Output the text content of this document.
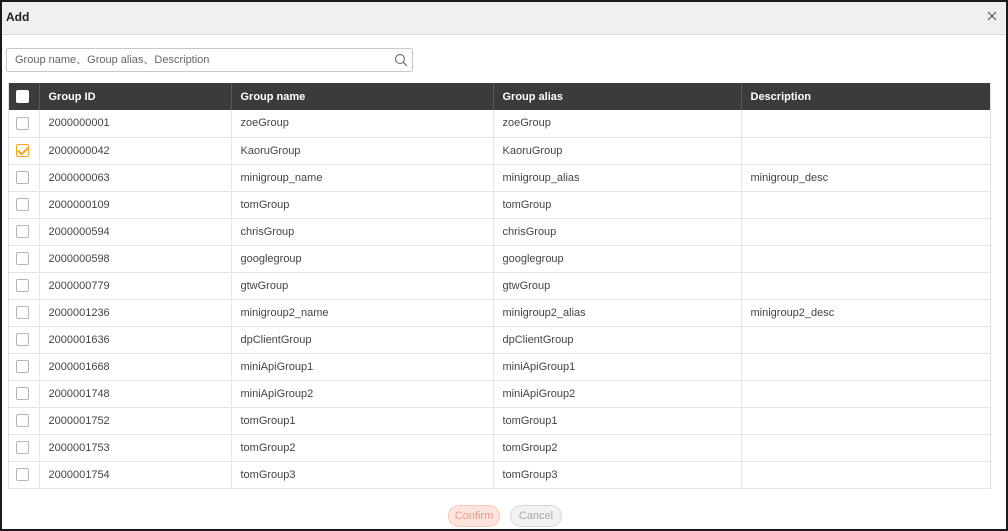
Add
Group name、Group alias、Description
	Group ID	Group name	Group alias	Description
	2000000001	zoeGroup	zoeGroup	
	2000000042	KaoruGroup	KaoruGroup	
	2000000063	minigroup_name	minigroup_alias	minigroup_desc
	2000000109	tomGroup	tomGroup	
	2000000594	chrisGroup	chrisGroup	
	2000000598	googlegroup	googlegroup	
	2000000779	gtwGroup	gtwGroup	
	2000001236	minigroup2_name	minigroup2_alias	minigroup2_desc
	2000001636	dpClientGroup	dpClientGroup	
	2000001668	miniApiGroup1	miniApiGroup1	
	2000001748	miniApiGroup2	miniApiGroup2	
	2000001752	tomGroup1	tomGroup1	
	2000001753	tomGroup2	tomGroup2	
	2000001754	tomGroup3	tomGroup3	

Confirm	Cancel
